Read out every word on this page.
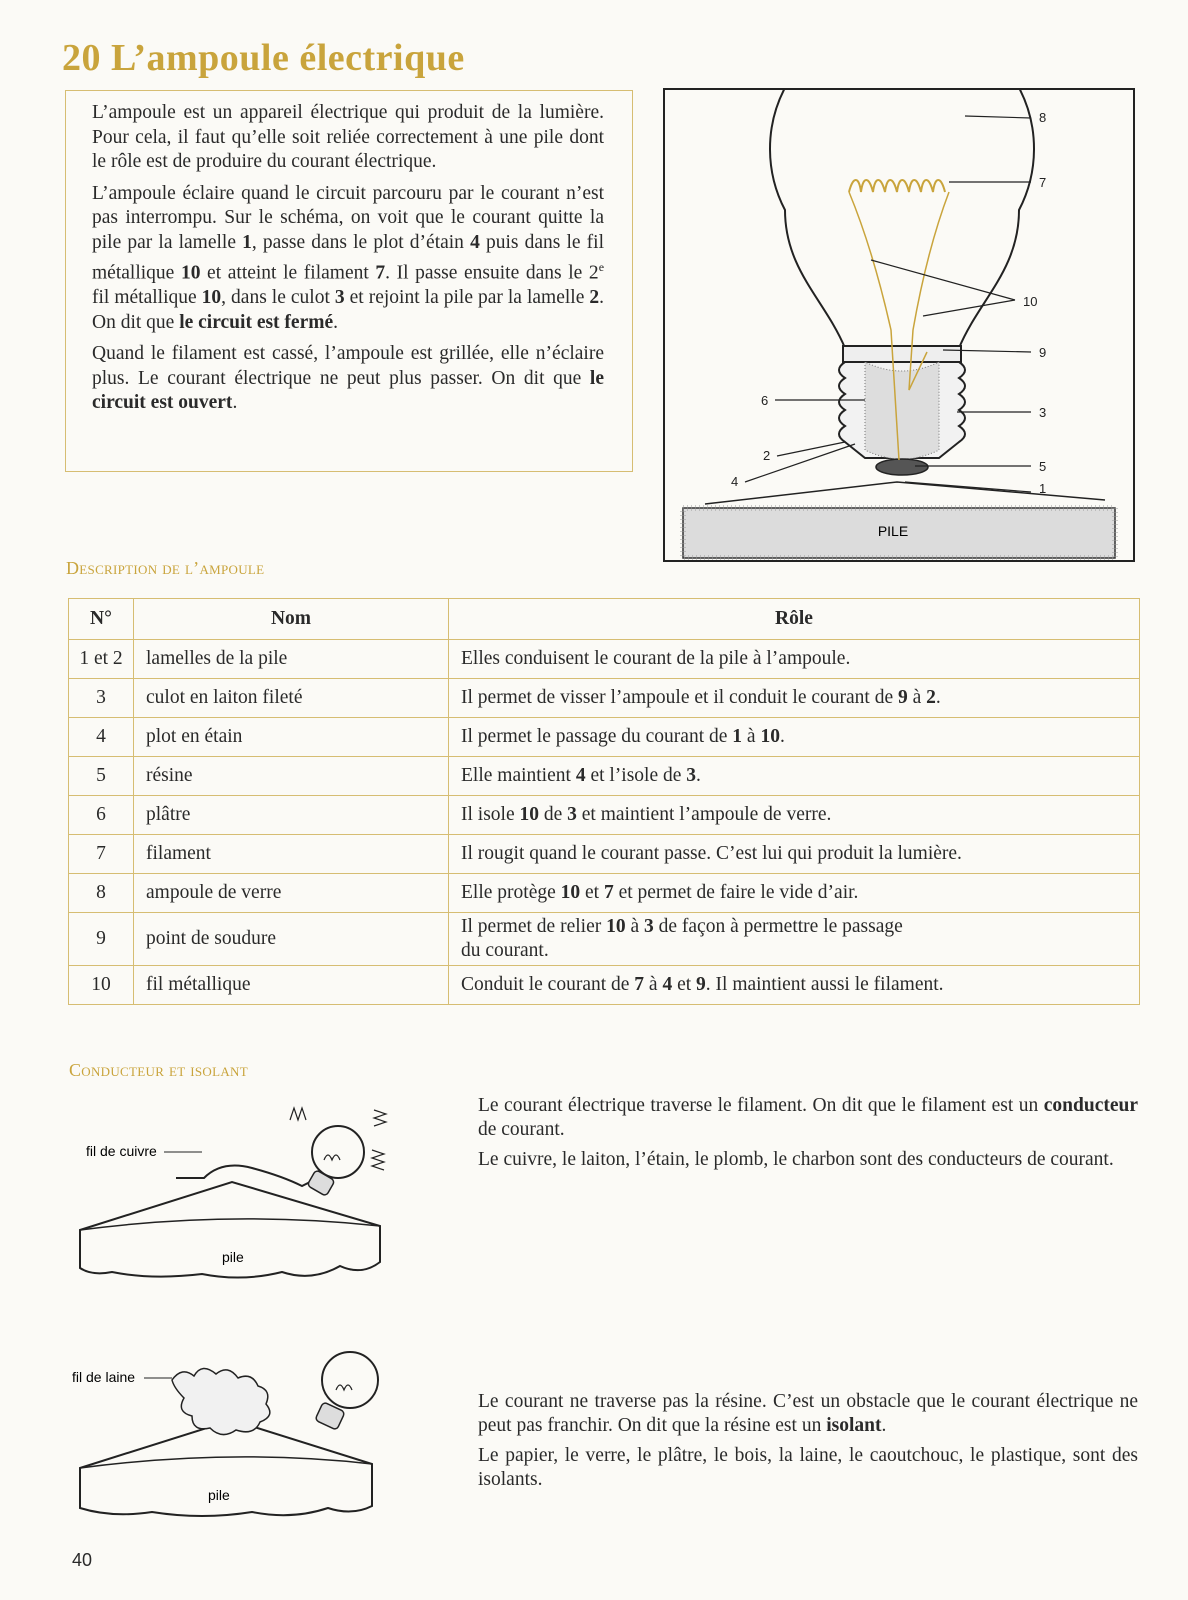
20 L’ampoule électrique

L’ampoule est un appareil électrique qui produit de la lumière. Pour cela, il faut qu’elle soit reliée correctement à une pile dont le rôle est de produire du courant électrique.

L’ampoule éclaire quand le circuit parcouru par le courant n’est pas interrompu. Sur le schéma, on voit que le courant quitte la pile par la lamelle 1, passe dans le plot d’étain 4 puis dans le fil métallique 10 et atteint le filament 7. Il passe ensuite dans le 2e fil métallique 10, dans le culot 3 et rejoint la pile par la lamelle 2. On dit que le circuit est fermé.

Quand le filament est cassé, l’ampoule est grillée, elle n’éclaire plus. Le courant électrique ne peut plus passer. On dit que le circuit est ouvert.

PILE
8
7
10
9
3
5
1
6
2
4
Description de l’ampoule
N°	Nom	Rôle
1 et 2	lamelles de la pile	Elles conduisent le courant de la pile à l’ampoule.
3	culot en laiton fileté	Il permet de visser l’ampoule et il conduit le courant de 9 à 2.
4	plot en étain	Il permet le passage du courant de 1 à 10.
5	résine	Elle maintient 4 et l’isole de 3.
6	plâtre	Il isole 10 de 3 et maintient l’ampoule de verre.
7	filament	Il rougit quand le courant passe. C’est lui qui produit la lumière.
8	ampoule de verre	Elle protège 10 et 7 et permet de faire le vide d’air.
9	point de soudure	Il permet de relier 10 à 3 de façon à permettre le passage
du courant.
10	fil métallique	Conduit le courant de 7 à 4 et 9. Il maintient aussi le filament.
Conducteur et isolant
pile
fil de cuivre

Le courant électrique traverse le filament. On dit que le filament est un conducteur de courant.

Le cuivre, le laiton, l’étain, le plomb, le charbon sont des conducteurs de courant.

pile
fil de laine

Le courant ne traverse pas la résine. C’est un obstacle que le courant électrique ne peut pas franchir. On dit que la résine est un isolant.

Le papier, le verre, le plâtre, le bois, la laine, le caoutchouc, le plastique, sont des isolants.

40
